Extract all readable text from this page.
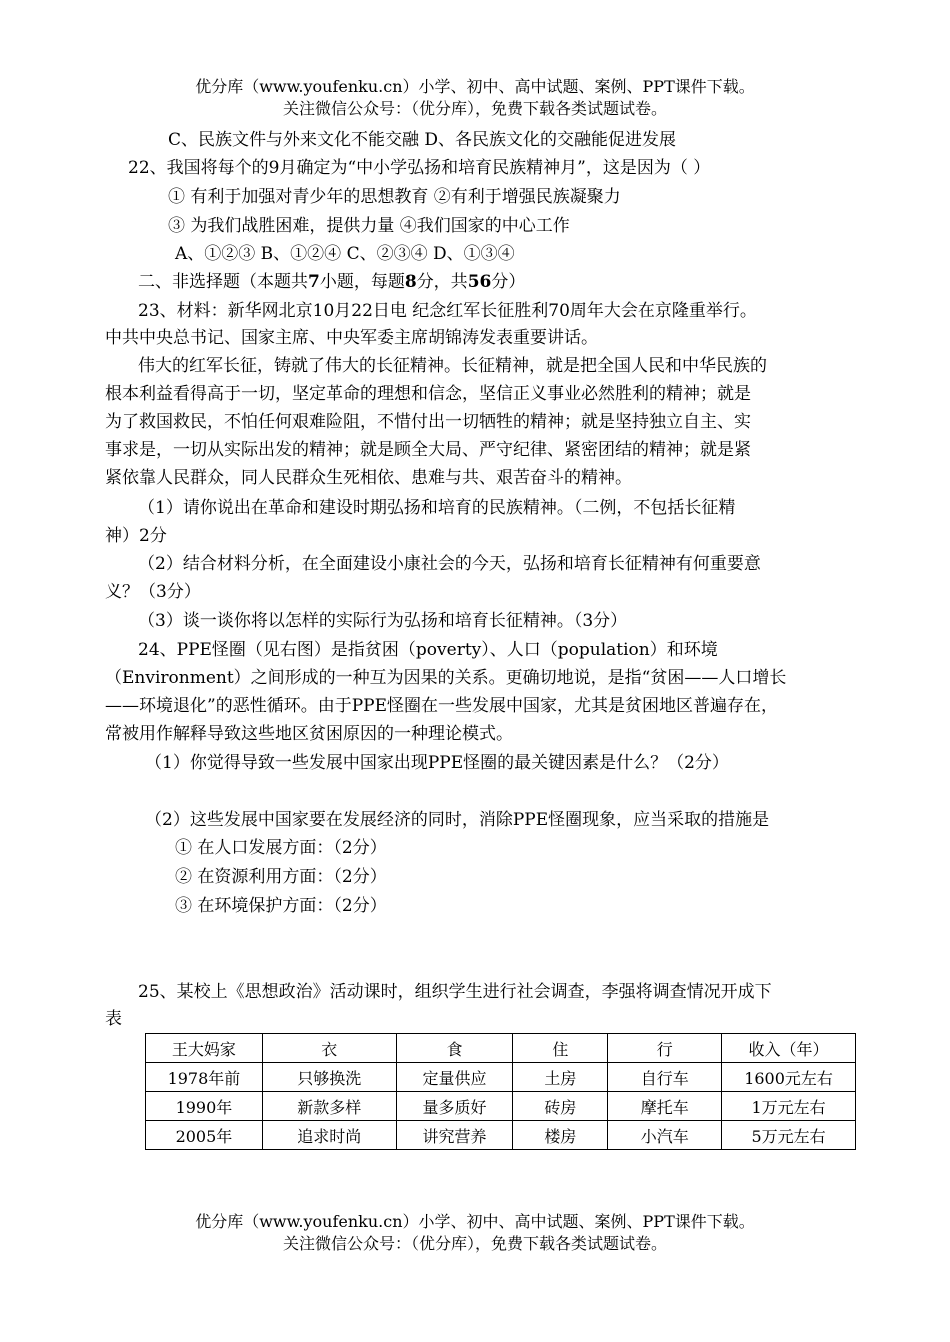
优分库（www.youfenku.cn）小学、初中、高中试题、案例、PPT课件下载。
关注微信公众号：（优分库），免费下载各类试题试卷。
C、民族文件与外来文化不能交融 D、各民族文化的交融能促进发展
22、我国将每个的9月确定为“中小学弘扬和培育民族精神月”，这是因为（ ）
① 有利于加强对青少年的思想教育 ②有利于增强民族凝聚力
③ 为我们战胜困难，提供力量 ④我们国家的中心工作
A、①②③ B、①②④ C、②③④ D、①③④
二、非选择题（本题共7小题，每题8分，共56分）
23、材料：新华网北京10月22日电 纪念红军长征胜利70周年大会在京隆重举行。
中共中央总书记、国家主席、中央军委主席胡锦涛发表重要讲话。
伟大的红军长征，铸就了伟大的长征精神。长征精神，就是把全国人民和中华民族的
根本利益看得高于一切，坚定革命的理想和信念，坚信正义事业必然胜利的精神；就是
为了救国救民，不怕任何艰难险阻，不惜付出一切牺牲的精神；就是坚持独立自主、实
事求是，一切从实际出发的精神；就是顾全大局、严守纪律、紧密团结的精神；就是紧
紧依靠人民群众，同人民群众生死相依、患难与共、艰苦奋斗的精神。
（1）请你说出在革命和建设时期弘扬和培育的民族精神。（二例，不包括长征精
神）2分
（2）结合材料分析，在全面建设小康社会的今天，弘扬和培育长征精神有何重要意
义？（3分）
（3）谈一谈你将以怎样的实际行为弘扬和培育长征精神。（3分）
24、PPE怪圈（见右图）是指贫困（poverty）、人口（population）和环境
（Environment）之间形成的一种互为因果的关系。更确切地说，是指“贫困——人口增长
——环境退化”的恶性循环。由于PPE怪圈在一些发展中国家，尤其是贫困地区普遍存在，
常被用作解释导致这些地区贫困原因的一种理论模式。
（1）你觉得导致一些发展中国家出现PPE怪圈的最关键因素是什么？（2分）
（2）这些发展中国家要在发展经济的同时，消除PPE怪圈现象，应当采取的措施是
① 在人口发展方面：（2分）
② 在资源利用方面：（2分）
③ 在环境保护方面：（2分）
25、某校上《思想政治》活动课时，组织学生进行社会调查，李强将调查情况开成下
表
王大妈家	衣	食	住	行	收入（年）
1978年前	只够换洗	定量供应	土房	自行车	1600元左右
1990年	新款多样	量多质好	砖房	摩托车	1万元左右
2005年	追求时尚	讲究营养	楼房	小汽车	5万元左右
优分库（www.youfenku.cn）小学、初中、高中试题、案例、PPT课件下载。
关注微信公众号：（优分库），免费下载各类试题试卷。
